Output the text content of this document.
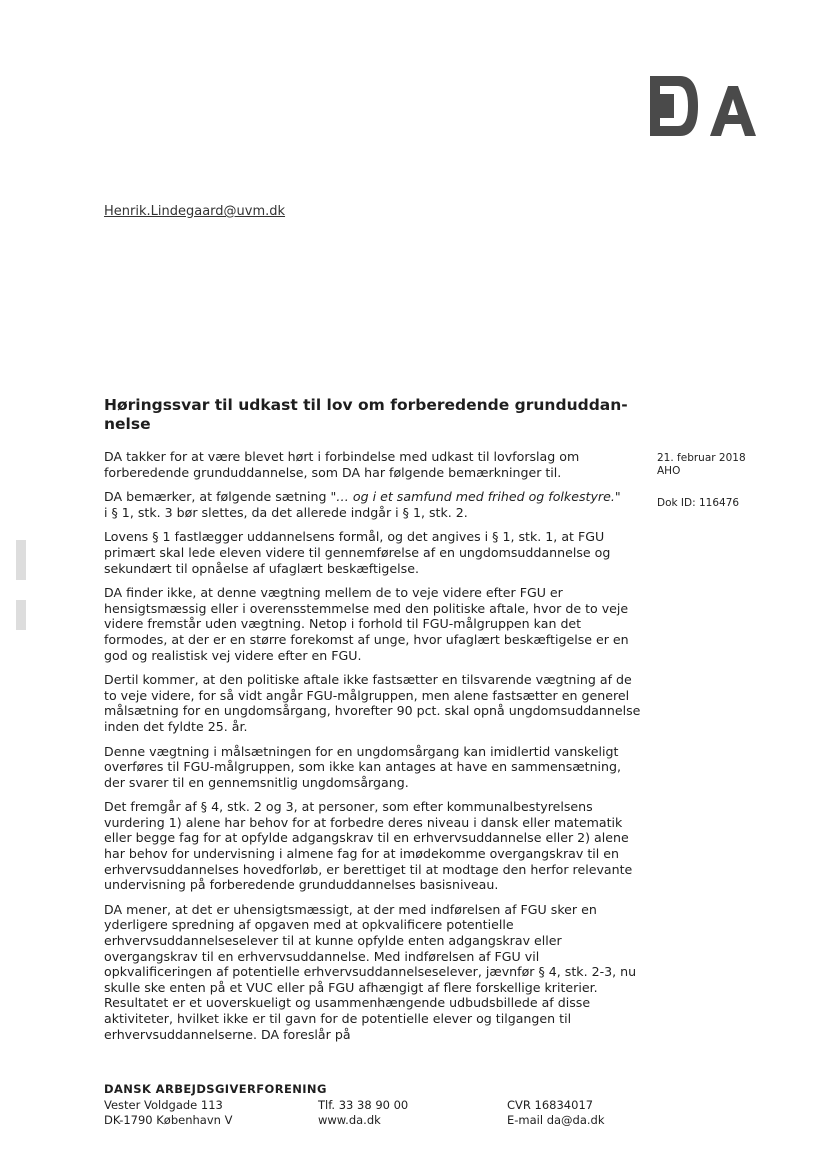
Henrik.Lindegaard@uvm.dk
Høringssvar til udkast til lov om forberedende grunduddan-nelse
21. februar 2018
AHO
Dok ID: 116476

DA takker for at være blevet hørt i forbindelse med udkast til lovforslag om forberedende grunduddannelse, som DA har følgende bemærkninger til.

DA bemærker, at følgende sætning "… og i et samfund med frihed og folkestyre."
i § 1, stk. 3 bør slettes, da det allerede indgår i § 1, stk. 2.

Lovens § 1 fastlægger uddannelsens formål, og det angives i § 1, stk. 1, at FGU primært skal lede eleven videre til gennemførelse af en ungdomsuddannelse og sekundært til opnåelse af ufaglært beskæftigelse.

DA finder ikke, at denne vægtning mellem de to veje videre efter FGU er hensigtsmæssig eller i overensstemmelse med den politiske aftale, hvor de to veje videre fremstår uden vægtning. Netop i forhold til FGU-målgruppen kan det formodes, at der er en større forekomst af unge, hvor ufaglært beskæftigelse er en god og realistisk vej videre efter en FGU.

Dertil kommer, at den politiske aftale ikke fastsætter en tilsvarende vægtning af de to veje videre, for så vidt angår FGU-målgruppen, men alene fastsætter en generel målsætning for en ungdomsårgang, hvorefter 90 pct. skal opnå ungdomsuddannelse inden det fyldte 25. år.

Denne vægtning i målsætningen for en ungdomsårgang kan imidlertid vanskeligt overføres til FGU-målgruppen, som ikke kan antages at have en sammensætning, der svarer til en gennemsnitlig ungdomsårgang.

Det fremgår af § 4, stk. 2 og 3, at personer, som efter kommunalbestyrelsens vurdering 1) alene har behov for at forbedre deres niveau i dansk eller matematik eller begge fag for at opfylde adgangskrav til en erhvervsuddannelse eller 2) alene har behov for undervisning i almene fag for at imødekomme overgangskrav til en erhvervsuddannelses hovedforløb, er berettiget til at modtage den herfor relevante undervisning på forberedende grunduddannelses basisniveau.

DA mener, at det er uhensigtsmæssigt, at der med indførelsen af FGU sker en yderligere spredning af opgaven med at opkvalificere potentielle erhvervsuddannelseselever til at kunne opfylde enten adgangskrav eller overgangskrav til en erhvervsuddannelse. Med indførelsen af FGU vil opkvalificeringen af potentielle erhvervsuddannelseselever, jævnfør § 4, stk. 2-3, nu skulle ske enten på et VUC eller på FGU afhængigt af flere forskellige kriterier. Resultatet er et uoverskueligt og usammenhængende udbudsbillede af disse aktiviteter, hvilket ikke er til gavn for de potentielle elever og tilgangen til erhvervsuddannelserne. DA foreslår på

DANSK ARBEJDSGIVERFORENING
Vester Voldgade 113
DK-1790 København V
Tlf. 33 38 90 00
www.da.dk
CVR 16834017
E-mail da@da.dk
